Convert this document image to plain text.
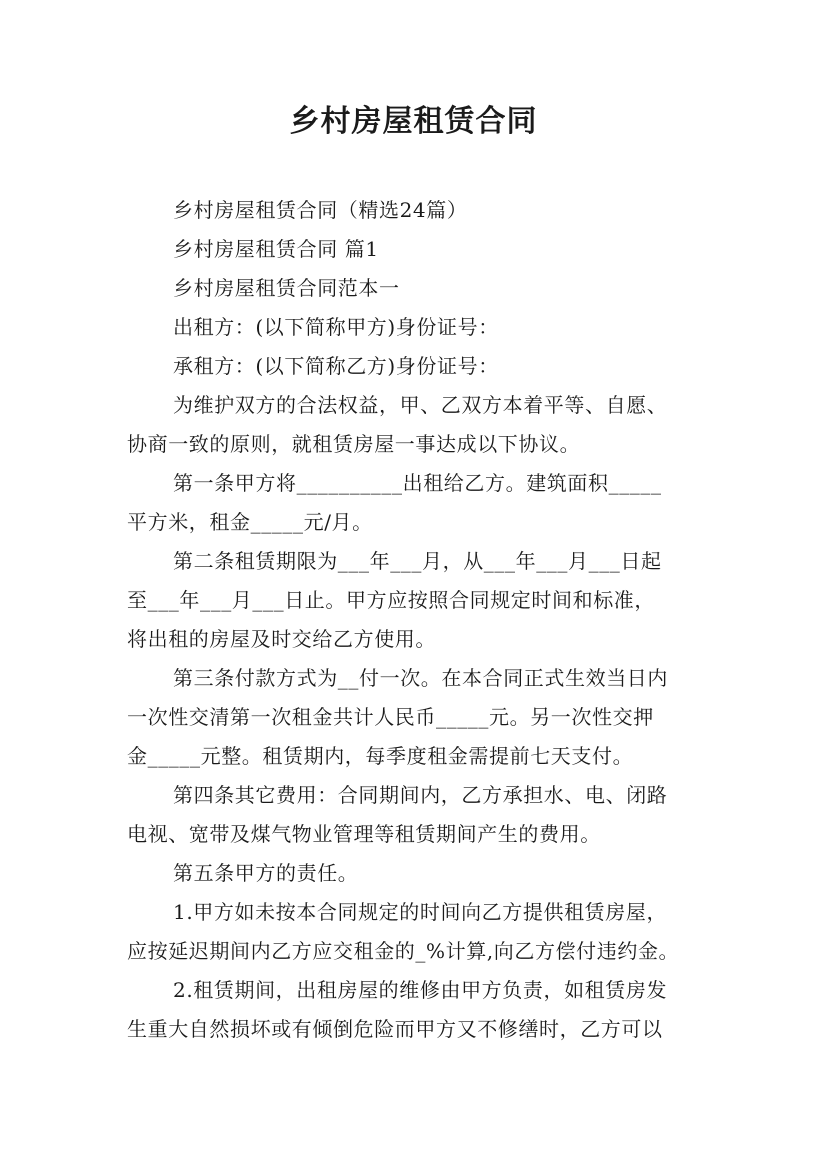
乡村房屋租赁合同

乡村房屋租赁合同（精选24篇）

乡村房屋租赁合同 篇1

乡村房屋租赁合同范本一

出租方：(以下简称甲方)身份证号：

承租方：(以下简称乙方)身份证号：

为维护双方的合法权益，甲、乙双方本着平等、自愿、

协商一致的原则，就租赁房屋一事达成以下协议。

第一条甲方将__________出租给乙方。建筑面积_____

平方米，租金_____元/月。

第二条租赁期限为___年___月，从___年___月___日起

至___年___月___日止。甲方应按照合同规定时间和标准，

将出租的房屋及时交给乙方使用。

第三条付款方式为__付一次。在本合同正式生效当日内

一次性交清第一次租金共计人民币_____元。另一次性交押

金_____元整。租赁期内，每季度租金需提前七天支付。

第四条其它费用：合同期间内，乙方承担水、电、闭路

电视、宽带及煤气物业管理等租赁期间产生的费用。

第五条甲方的责任。

1.甲方如未按本合同规定的时间向乙方提供租赁房屋，

应按延迟期间内乙方应交租金的_%计算,向乙方偿付违约金。

2.租赁期间，出租房屋的维修由甲方负责，如租赁房发

生重大自然损坏或有倾倒危险而甲方又不修缮时，乙方可以
